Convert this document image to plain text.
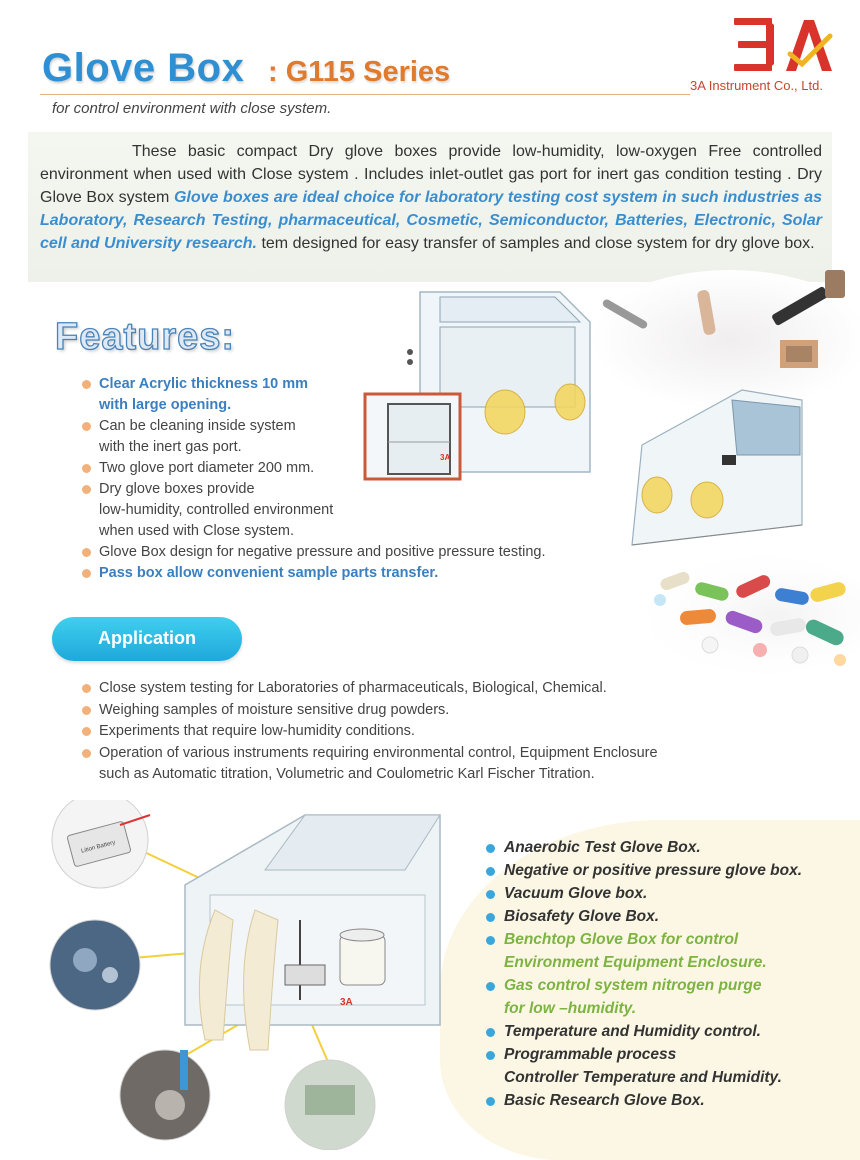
Glove Box : G115 Series
for control environment with close system.
3A Instrument Co., Ltd.
These basic compact Dry glove boxes provide low-humidity, low-oxygen Free controlled environment when used with Close system . Includes inlet-outlet gas port for inert gas condition testing . Dry Glove Box system Glove boxes are ideal choice for laboratory testing cost system in such industries as Laboratory, Research Testing, pharmaceutical, Cosmetic, Semiconductor, Batteries, Electronic, Solar cell and University research. tem designed for easy transfer of samples and close system for dry glove box.
3A
Features:
Clear Acrylic thickness 10 mm
with large opening.
Can be cleaning inside system
with the inert gas port.
Two glove port diameter 200 mm.
Dry glove boxes provide
low-humidity, controlled environment
when used with Close system.
Glove Box design for negative pressure and positive pressure testing.
Pass box allow convenient sample parts transfer.
Application
Close system testing for Laboratories of pharmaceuticals, Biological, Chemical.
Weighing samples of moisture sensitive drug powders.
Experiments that require low-humidity conditions.
Operation of various instruments requiring environmental control, Equipment Enclosure
such as Automatic titration, Volumetric and Coulometric Karl Fischer Titration.
3A
Lition Battery	Anaerobic Test Glove Box.
Negative or positive pressure glove box.
Vacuum Glove box.
Biosafety Glove Box.
Benchtop Glove Box for control
Environment Equipment Enclosure.
Gas control system nitrogen purge
for low –humidity.
Temperature and Humidity control.
Programmable process
Controller Temperature and Humidity.
Basic Research Glove Box.
